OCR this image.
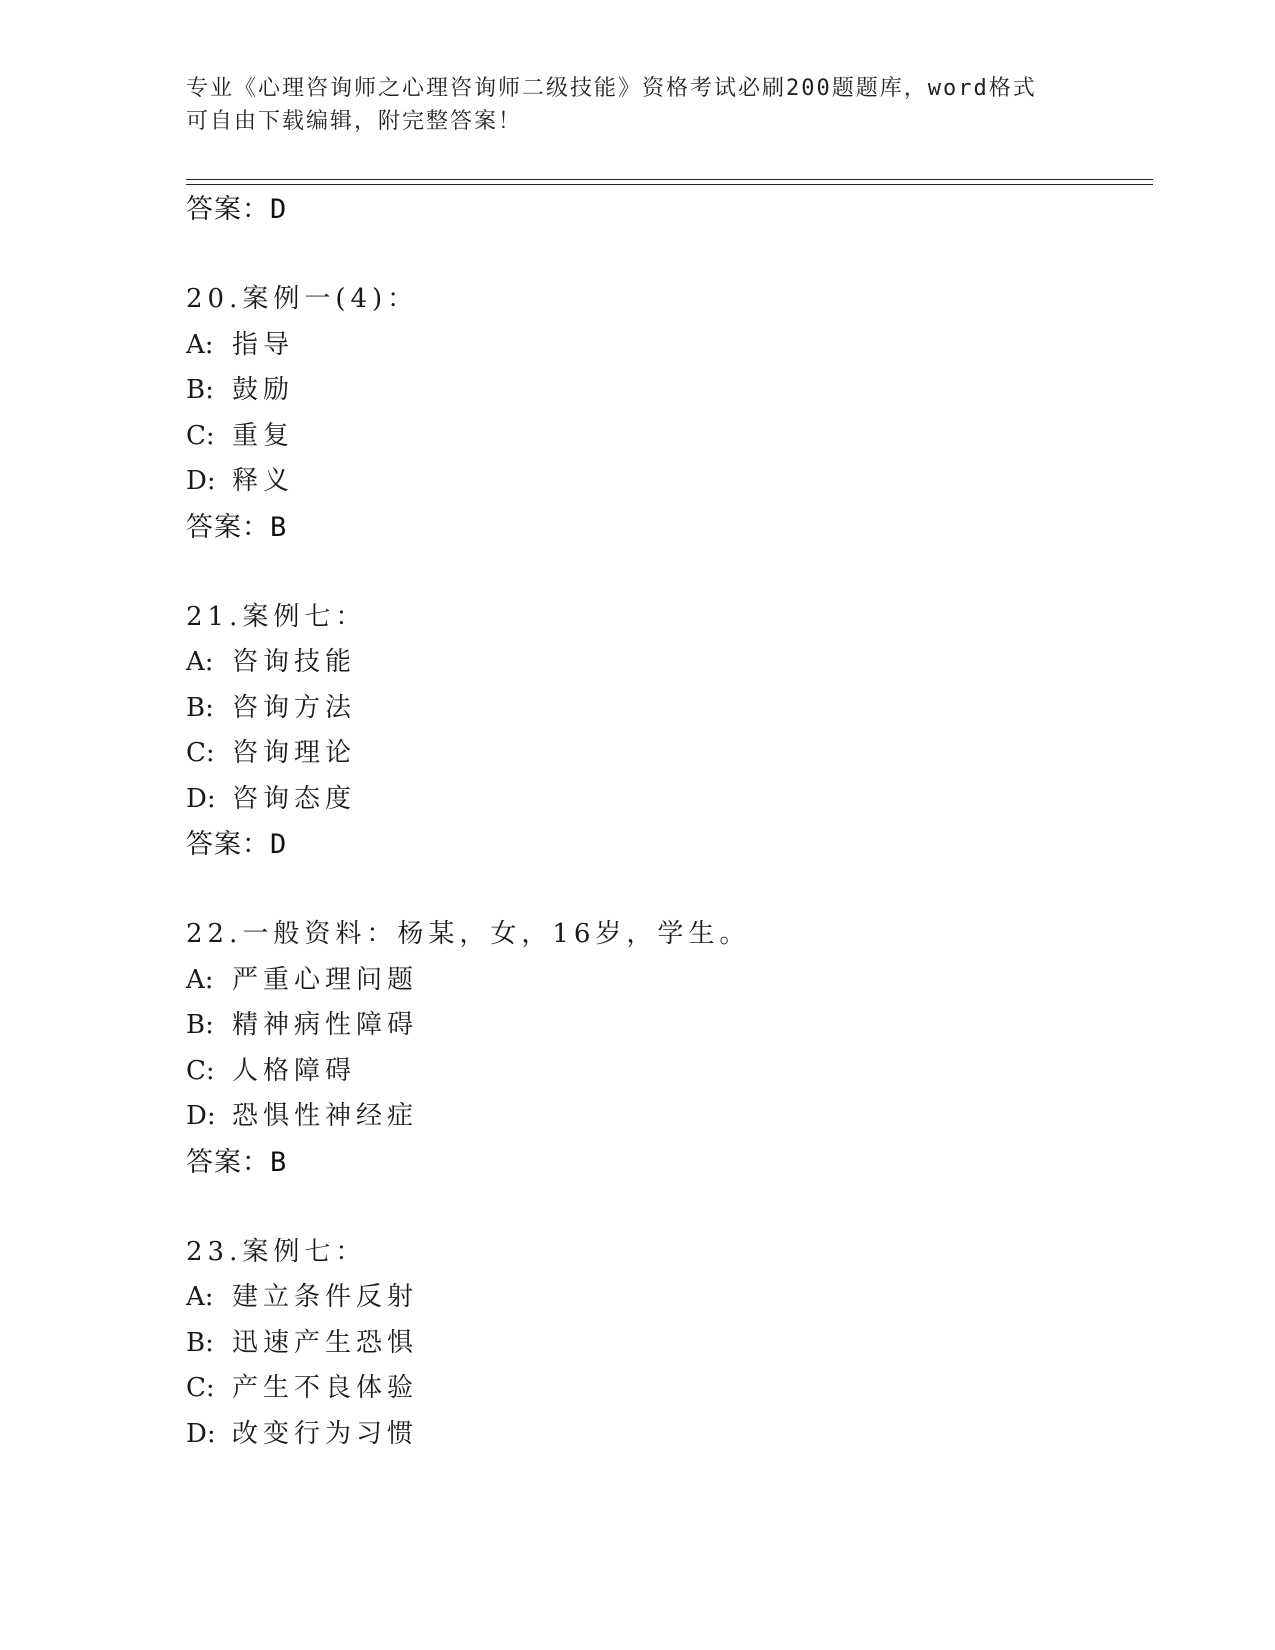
专业《心理咨询师之心理咨询师二级技能》资格考试必刷200题题库，word格式
可自由下载编辑，附完整答案！
答案：D
20.案例一(4)：
A: 指导
B: 鼓励
C: 重复
D: 释义
答案：B
21.案例七：
A: 咨询技能
B: 咨询方法
C: 咨询理论
D: 咨询态度
答案：D
22.一般资料：杨某，女，16岁，学生。
A: 严重心理问题
B: 精神病性障碍
C: 人格障碍
D: 恐惧性神经症
答案：B
23.案例七：
A: 建立条件反射
B: 迅速产生恐惧
C: 产生不良体验
D: 改变行为习惯
